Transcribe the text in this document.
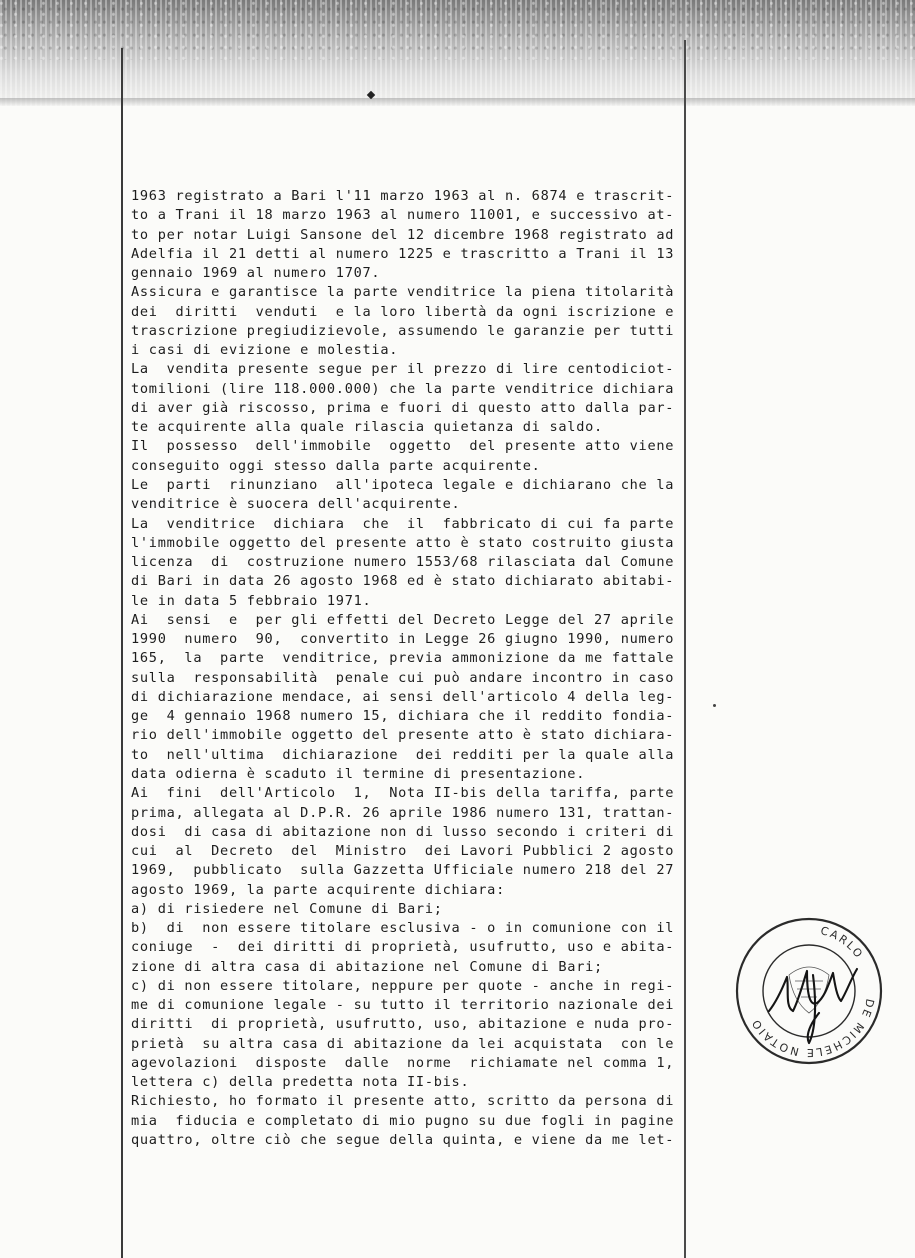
1963 registrato a Bari l'11 marzo 1963 al n. 6874 e trascrit-
to a Trani il 18 marzo 1963 al numero 11001, e successivo at-
to per notar Luigi Sansone del 12 dicembre 1968 registrato ad
Adelfia il 21 detti al numero 1225 e trascritto a Trani il 13
gennaio 1969 al numero 1707.
Assicura e garantisce la parte venditrice la piena titolarità
dei  diritti  venduti  e la loro libertà da ogni iscrizione e
trascrizione pregiudizievole, assumendo le garanzie per tutti
i casi di evizione e molestia.
La  vendita presente segue per il prezzo di lire centodiciot-
tomilioni (lire 118.000.000) che la parte venditrice dichiara
di aver già riscosso, prima e fuori di questo atto dalla par-
te acquirente alla quale rilascia quietanza di saldo.
Il  possesso  dell'immobile  oggetto  del presente atto viene
conseguito oggi stesso dalla parte acquirente.
Le  parti  rinunziano  all'ipoteca legale e dichiarano che la
venditrice è suocera dell'acquirente.
La  venditrice  dichiara  che  il  fabbricato di cui fa parte
l'immobile oggetto del presente atto è stato costruito giusta
licenza  di  costruzione numero 1553/68 rilasciata dal Comune
di Bari in data 26 agosto 1968 ed è stato dichiarato abitabi-
le in data 5 febbraio 1971.
Ai  sensi  e  per gli effetti del Decreto Legge del 27 aprile
1990  numero  90,  convertito in Legge 26 giugno 1990, numero
165,  la  parte  venditrice, previa ammonizione da me fattale
sulla  responsabilità  penale cui può andare incontro in caso
di dichiarazione mendace, ai sensi dell'articolo 4 della leg-
ge  4 gennaio 1968 numero 15, dichiara che il reddito fondia-
rio dell'immobile oggetto del presente atto è stato dichiara-
to  nell'ultima  dichiarazione  dei redditi per la quale alla
data odierna è scaduto il termine di presentazione.
Ai  fini  dell'Articolo  1,  Nota II-bis della tariffa, parte
prima, allegata al D.P.R. 26 aprile 1986 numero 131, trattan-
dosi  di casa di abitazione non di lusso secondo i criteri di
cui  al  Decreto  del  Ministro  dei Lavori Pubblici 2 agosto
1969,  pubblicato  sulla Gazzetta Ufficiale numero 218 del 27
agosto 1969, la parte acquirente dichiara:
a) di risiedere nel Comune di Bari;
b)  di  non essere titolare esclusiva - o in comunione con il
coniuge  -  dei diritti di proprietà, usufrutto, uso e abita-
zione di altra casa di abitazione nel Comune di Bari;
c) di non essere titolare, neppure per quote - anche in regi-
me di comunione legale - su tutto il territorio nazionale dei
diritti  di proprietà, usufrutto, uso, abitazione e nuda pro-
prietà  su altra casa di abitazione da lei acquistata  con le
agevolazioni  disposte  dalle  norme  richiamate nel comma 1,
lettera c) della predetta nota II-bis.
Richiesto, ho formato il presente atto, scritto da persona di
mia  fiducia e completato di mio pugno su due fogli in pagine
quattro, oltre ciò che segue della quinta, e viene da me let-
DE MICHELE NOTAIO
CARLO
